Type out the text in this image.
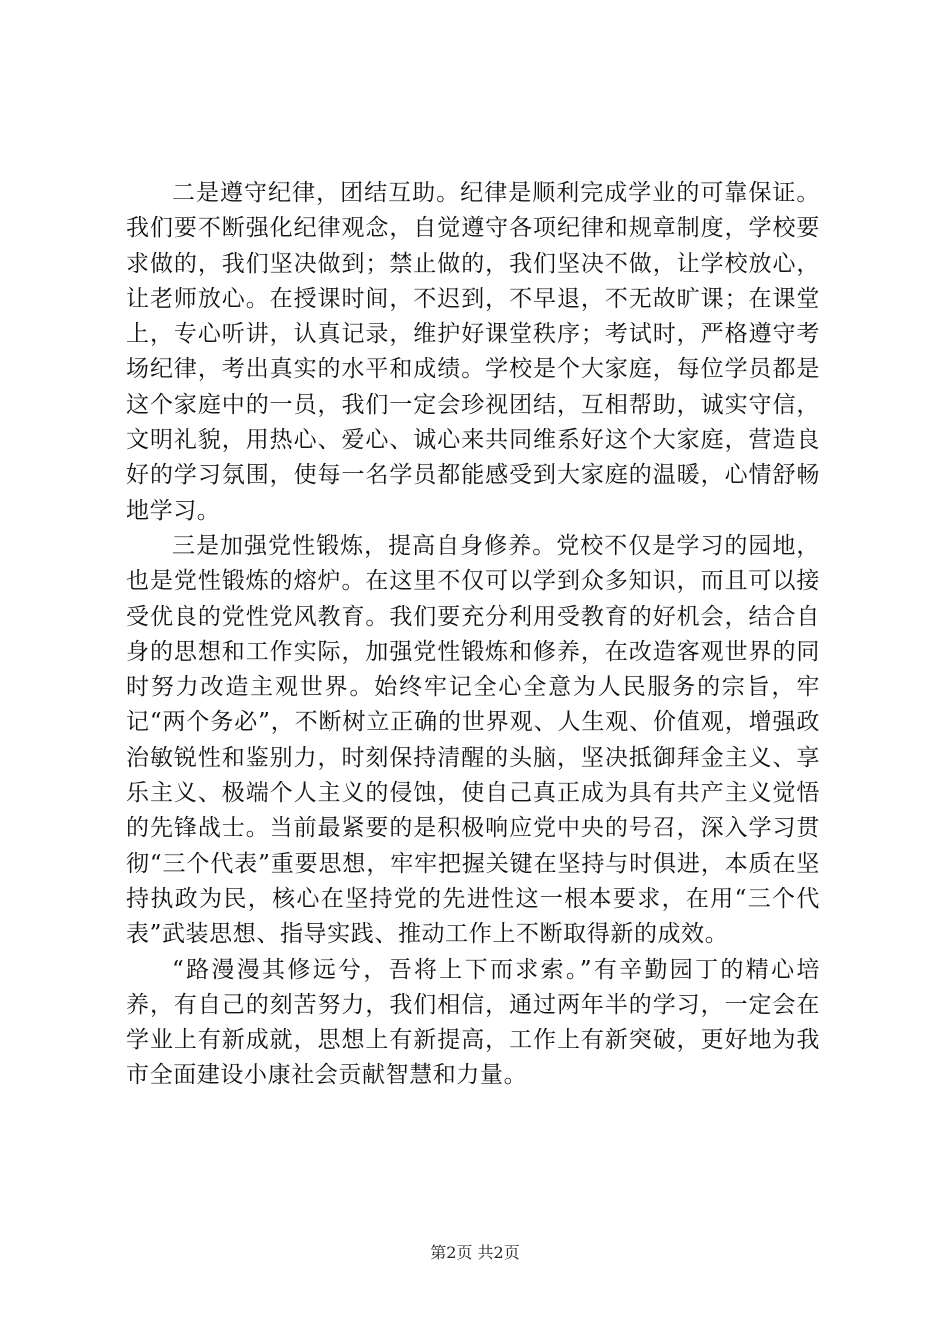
二是遵守纪律，团结互助。纪律是顺利完成学业的可靠保证。我们要不断强化纪律观念，自觉遵守各项纪律和规章制度，学校要求做的，我们坚决做到；禁止做的，我们坚决不做，让学校放心，让老师放心。在授课时间，不迟到，不早退，不无故旷课；在课堂上，专心听讲，认真记录，维护好课堂秩序；考试时，严格遵守考场纪律，考出真实的水平和成绩。学校是个大家庭，每位学员都是这个家庭中的一员，我们一定会珍视团结，互相帮助，诚实守信，文明礼貌，用热心、爱心、诚心来共同维系好这个大家庭，营造良好的学习氛围，使每一名学员都能感受到大家庭的温暖，心情舒畅地学习。

三是加强党性锻炼，提高自身修养。党校不仅是学习的园地，也是党性锻炼的熔炉。在这里不仅可以学到众多知识，而且可以接受优良的党性党风教育。我们要充分利用受教育的好机会，结合自身的思想和工作实际，加强党性锻炼和修养，在改造客观世界的同时努力改造主观世界。始终牢记全心全意为人民服务的宗旨，牢记“两个务必”，不断树立正确的世界观、人生观、价值观，增强政治敏锐性和鉴别力，时刻保持清醒的头脑，坚决抵御拜金主义、享乐主义、极端个人主义的侵蚀，使自己真正成为具有共产主义觉悟的先锋战士。当前最紧要的是积极响应党中央的号召，深入学习贯彻“三个代表”重要思想，牢牢把握关键在坚持与时俱进，本质在坚持执政为民，核心在坚持党的先进性这一根本要求，在用“三个代表”武装思想、指导实践、推动工作上不断取得新的成效。

“路漫漫其修远兮，吾将上下而求索。”有辛勤园丁的精心培养，有自己的刻苦努力，我们相信，通过两年半的学习，一定会在学业上有新成就，思想上有新提高，工作上有新突破，更好地为我市全面建设小康社会贡献智慧和力量。

第2页 共2页
